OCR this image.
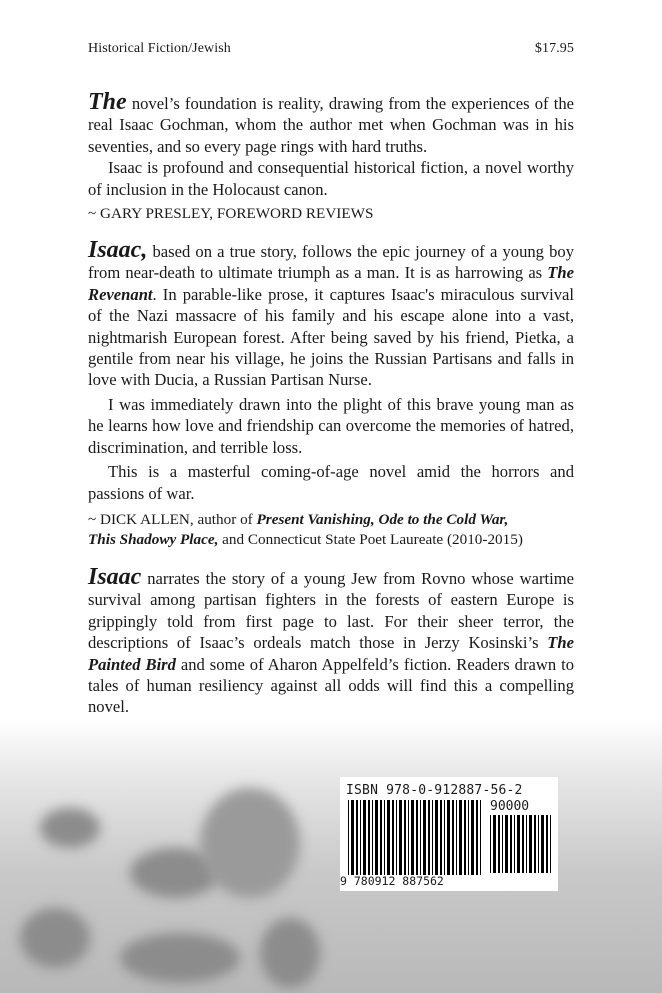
Historical Fiction/Jewish	$17.95

The novel’s foundation is reality, drawing from the experiences of the real Isaac Gochman, whom the author met when Gochman was in his seventies, and so every page rings with hard truths.

Isaac is profound and consequential historical fiction, a novel worthy of inclusion in the Holocaust canon.

~ GARY PRESLEY, FOREWORD REVIEWS

Isaac, based on a true story, follows the epic journey of a young boy from near-death to ultimate triumph as a man. It is as harrowing as The Revenant. In parable-like prose, it captures Isaac's miraculous survival of the Nazi massacre of his family and his escape alone into a vast, nightmarish European forest. After being saved by his friend, Pietka, a gentile from near his village, he joins the Russian Partisans and falls in love with Ducia, a Russian Partisan Nurse.

I was immediately drawn into the plight of this brave young man as he learns how love and friendship can overcome the memories of hatred, discrimination, and terrible loss.

This is a masterful coming-of-age novel amid the horrors and passions of war.

~ DICK ALLEN, author of Present Vanishing, Ode to the Cold War,
This Shadowy Place, and Connecticut State Poet Laureate (2010-2015)

Isaac narrates the story of a young Jew from Rovno whose wartime survival among partisan fighters in the forests of eastern Europe is grippingly told from first page to last. For their sheer terror, the descriptions of Isaac’s ordeals match those in Jerzy Kosinski’s The Painted Bird and some of Aharon Appelfeld’s fiction. Readers drawn to tales of human resiliency against all odds will find this a compelling novel.

ISBN 978-0-912887-56-2
90000
9 780912 887562
